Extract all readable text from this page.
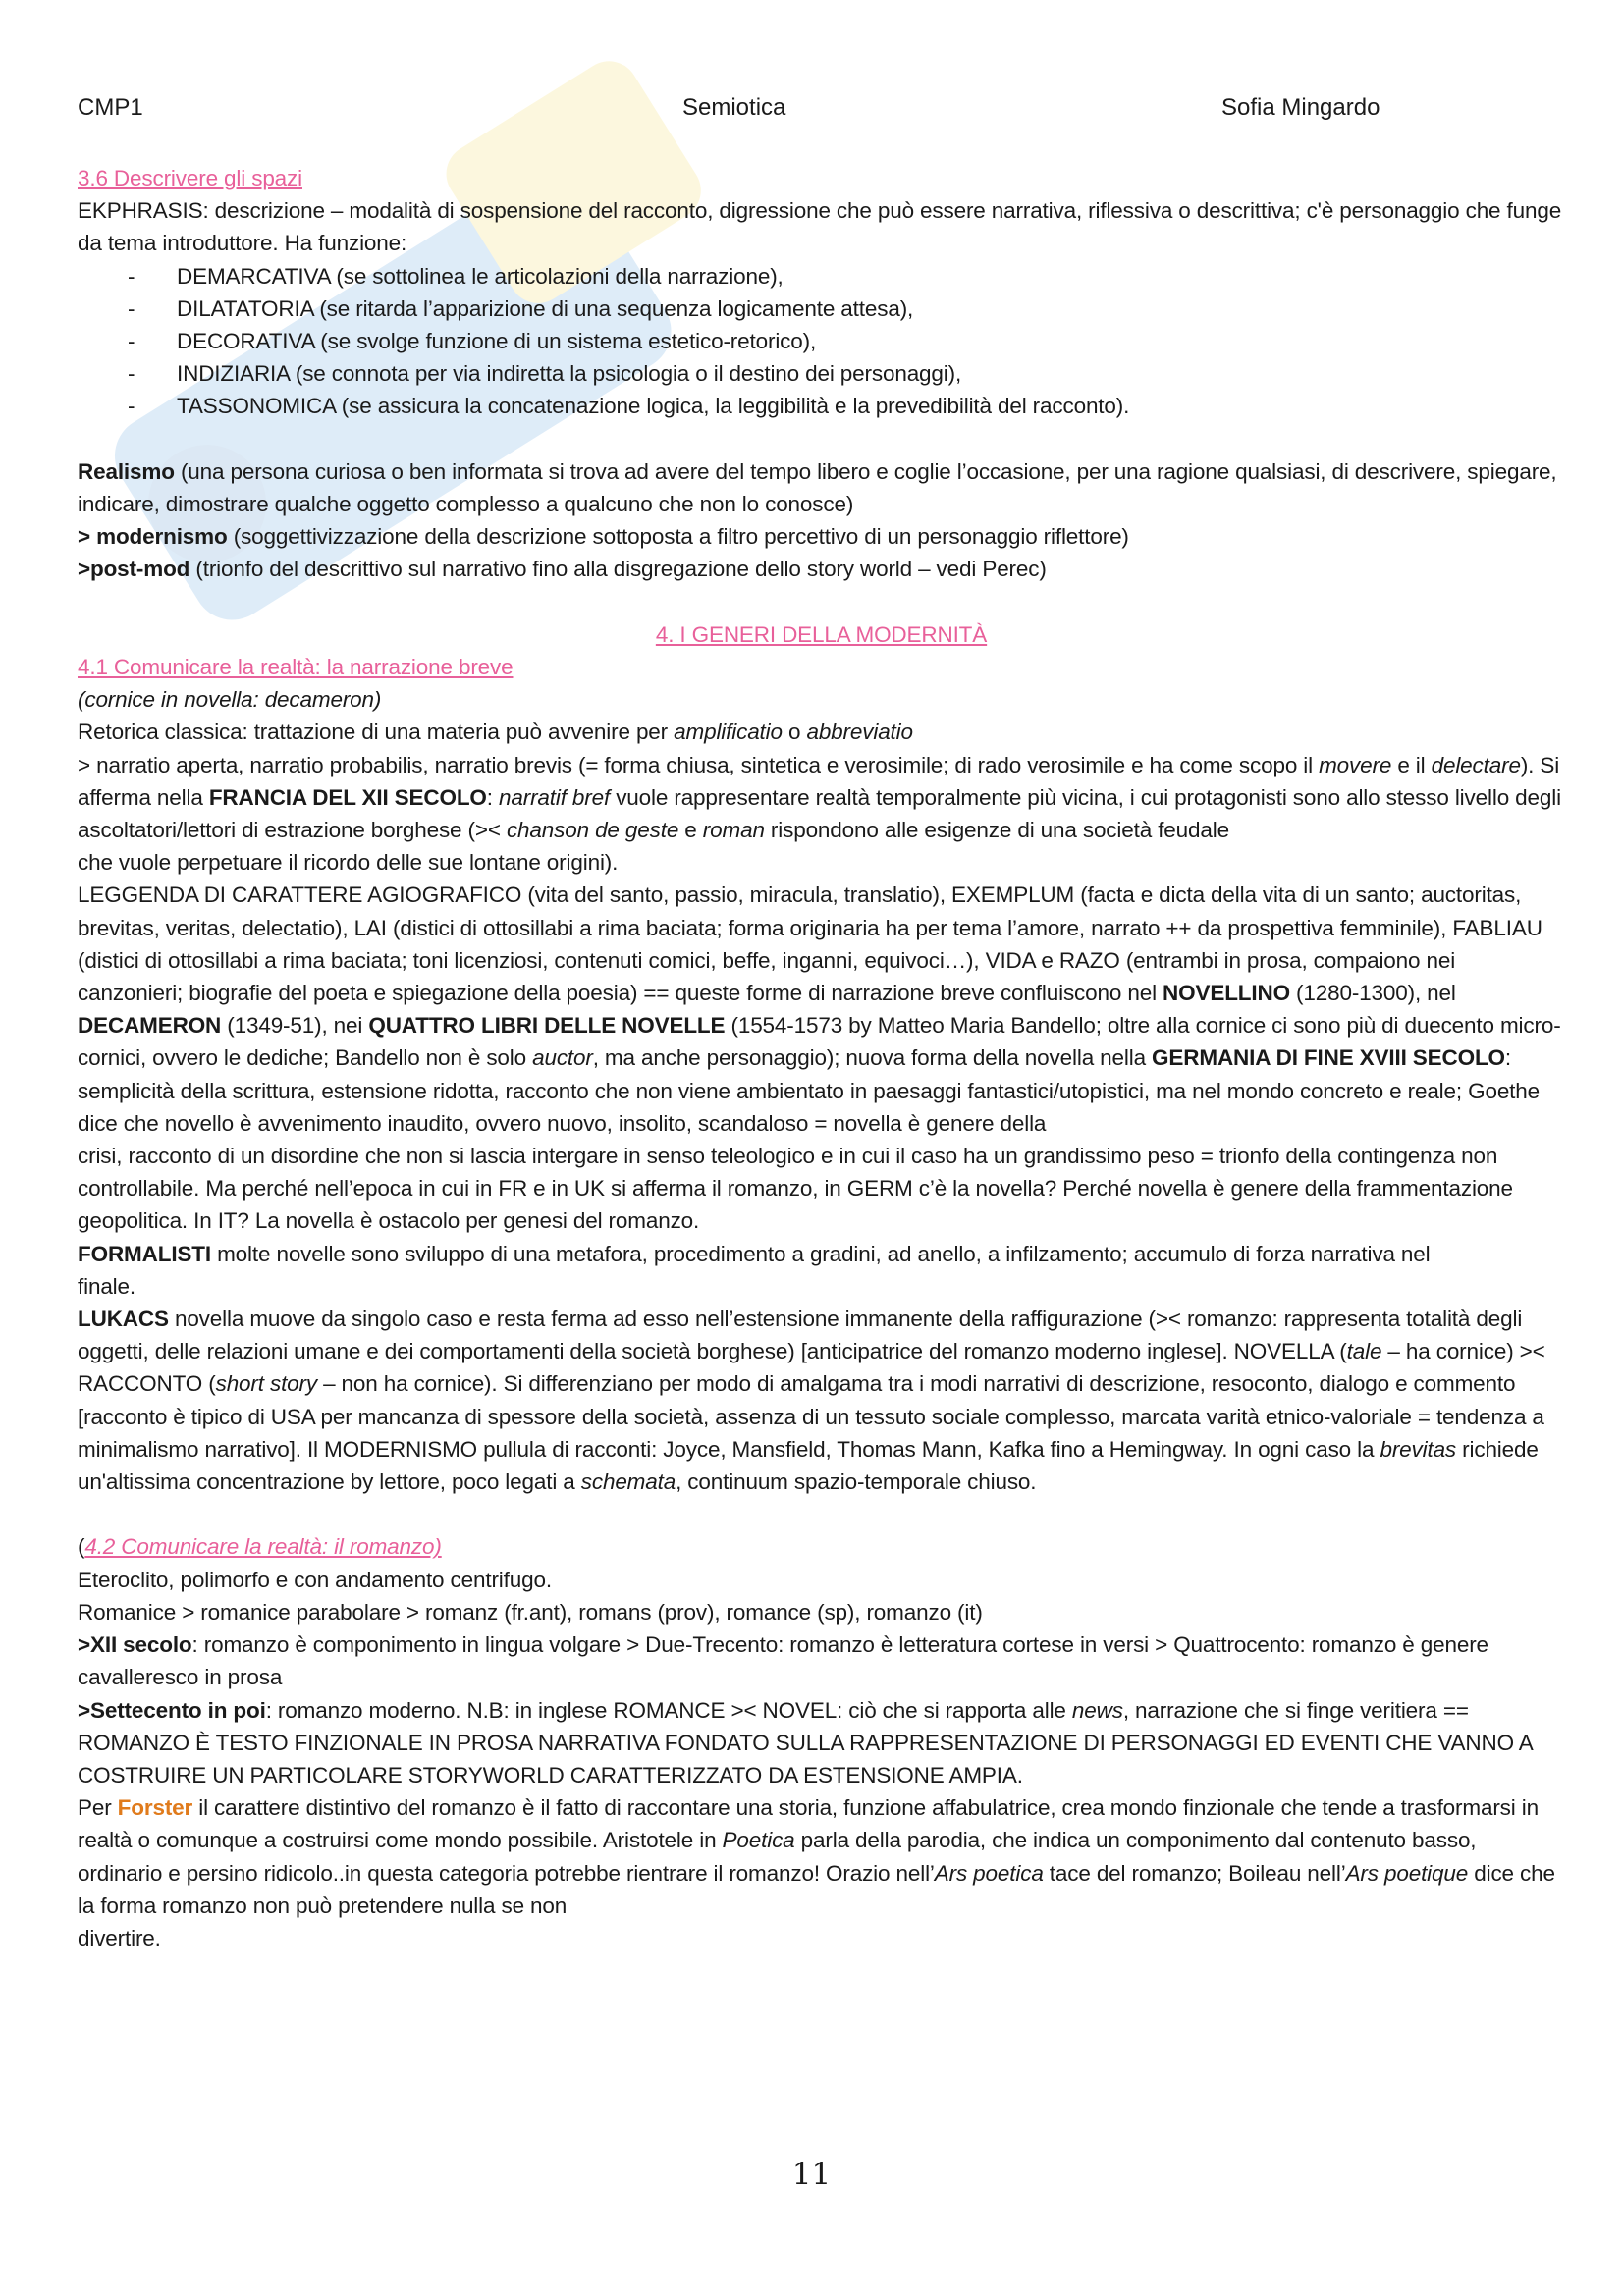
CMP1	Semiotica	Sofia Mingardo

3.6 Descrivere gli spazi

EKPHRASIS: descrizione – modalità di sospensione del racconto, digressione che può essere narrativa, riflessiva o descrittiva; c'è personaggio che funge da tema introduttore. Ha funzione:

- DEMARCATIVA (se sottolinea le articolazioni della narrazione),
- DILATATORIA (se ritarda l’apparizione di una sequenza logicamente attesa),
- DECORATIVA (se svolge funzione di un sistema estetico-retorico),
- INDIZIARIA (se connota per via indiretta la psicologia o il destino dei personaggi),
- TASSONOMICA (se assicura la concatenazione logica, la leggibilità e la prevedibilità del racconto).

Realismo (una persona curiosa o ben informata si trova ad avere del tempo libero e coglie l’occasione, per una ragione qualsiasi, di descrivere, spiegare, indicare, dimostrare qualche oggetto complesso a qualcuno che non lo conosce)

> modernismo (soggettivizzazione della descrizione sottoposta a filtro percettivo di un personaggio riflettore)

>post-mod (trionfo del descrittivo sul narrativo fino alla disgregazione dello story world – vedi Perec)

4. I GENERI DELLA MODERNITÀ

4.1 Comunicare la realtà: la narrazione breve

(cornice in novella: decameron)

Retorica classica: trattazione di una materia può avvenire per amplificatio o abbreviatio

> narratio aperta, narratio probabilis, narratio brevis (= forma chiusa, sintetica e verosimile; di rado verosimile e ha come scopo il movere e il delectare). Si afferma nella FRANCIA DEL XII SECOLO: narratif bref vuole rappresentare realtà temporalmente più vicina, i cui protagonisti sono allo stesso livello degli ascoltatori/lettori di estrazione borghese (>< chanson de geste e roman rispondono alle esigenze di una società feudale

che vuole perpetuare il ricordo delle sue lontane origini).

LEGGENDA DI CARATTERE AGIOGRAFICO (vita del santo, passio, miracula, translatio), EXEMPLUM (facta e dicta della vita di un santo; auctoritas, brevitas, veritas, delectatio), LAI (distici di ottosillabi a rima baciata; forma originaria ha per tema l’amore, narrato ++ da prospettiva femminile), FABLIAU (distici di ottosillabi a rima baciata; toni licenziosi, contenuti comici, beffe, inganni, equivoci…), VIDA e RAZO (entrambi in prosa, compaiono nei canzonieri; biografie del poeta e spiegazione della poesia) == queste forme di narrazione breve confluiscono nel NOVELLINO (1280-1300), nel DECAMERON (1349-51), nei QUATTRO LIBRI DELLE NOVELLE (1554-1573 by Matteo Maria Bandello; oltre alla cornice ci sono più di duecento micro-cornici, ovvero le dediche; Bandello non è solo auctor, ma anche personaggio); nuova forma della novella nella GERMANIA DI FINE XVIII SECOLO: semplicità della scrittura, estensione ridotta, racconto che non viene ambientato in paesaggi fantastici/utopistici, ma nel mondo concreto e reale; Goethe dice che novello è avvenimento inaudito, ovvero nuovo, insolito, scandaloso = novella è genere della

crisi, racconto di un disordine che non si lascia intergare in senso teleologico e in cui il caso ha un grandissimo peso = trionfo della contingenza non controllabile. Ma perché nell’epoca in cui in FR e in UK si afferma il romanzo, in GERM c’è la novella? Perché novella è genere della frammentazione geopolitica. In IT? La novella è ostacolo per genesi del romanzo.

FORMALISTI molte novelle sono sviluppo di una metafora, procedimento a gradini, ad anello, a infilzamento; accumulo di forza narrativa nel

finale.

LUKACS novella muove da singolo caso e resta ferma ad esso nell’estensione immanente della raffigurazione (>< romanzo: rappresenta totalità degli oggetti, delle relazioni umane e dei comportamenti della società borghese) [anticipatrice del romanzo moderno inglese]. NOVELLA (tale – ha cornice) >< RACCONTO (short story – non ha cornice). Si differenziano per modo di amalgama tra i modi narrativi di descrizione, resoconto, dialogo e commento [racconto è tipico di USA per mancanza di spessore della società, assenza di un tessuto sociale complesso, marcata varità etnico-valoriale = tendenza a minimalismo narrativo]. Il MODERNISMO pullula di racconti: Joyce, Mansfield, Thomas Mann, Kafka fino a Hemingway. In ogni caso la brevitas richiede un'altissima concentrazione by lettore, poco legati a schemata, continuum spazio-temporale chiuso.

(4.2 Comunicare la realtà: il romanzo)

Eteroclito, polimorfo e con andamento centrifugo.

Romanice > romanice parabolare > romanz (fr.ant), romans (prov), romance (sp), romanzo (it)

>XII secolo: romanzo è componimento in lingua volgare > Due-Trecento: romanzo è letteratura cortese in versi > Quattrocento: romanzo è genere cavalleresco in prosa

>Settecento in poi: romanzo moderno. N.B: in inglese ROMANCE >< NOVEL: ciò che si rapporta alle news, narrazione che si finge veritiera == ROMANZO È TESTO FINZIONALE IN PROSA NARRATIVA FONDATO SULLA RAPPRESENTAZIONE DI PERSONAGGI ED EVENTI CHE VANNO A COSTRUIRE UN PARTICOLARE STORYWORLD CARATTERIZZATO DA ESTENSIONE AMPIA.

Per Forster il carattere distintivo del romanzo è il fatto di raccontare una storia, funzione affabulatrice, crea mondo finzionale che tende a trasformarsi in realtà o comunque a costruirsi come mondo possibile. Aristotele in Poetica parla della parodia, che indica un componimento dal contenuto basso, ordinario e persino ridicolo..in questa categoria potrebbe rientrare il romanzo! Orazio nell’Ars poetica tace del romanzo; Boileau nell’Ars poetique dice che la forma romanzo non può pretendere nulla se non

divertire.

11
